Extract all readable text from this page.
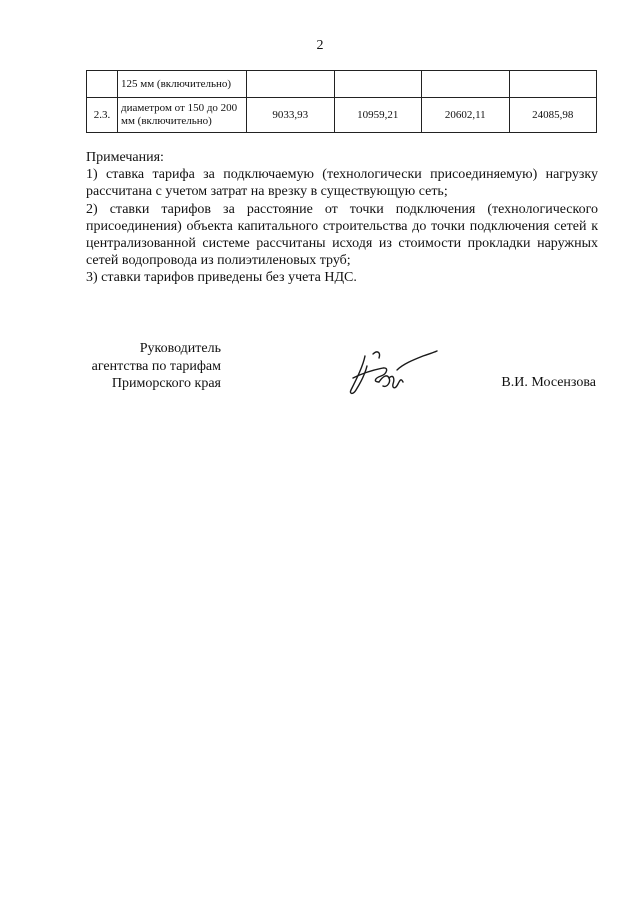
2
	125 мм (включительно)				
2.3.	диаметром от 150 до 200 мм (включительно)	9033,93	10959,21	20602,11	24085,98
Примечания:
1) ставка тарифа за подключаемую (технологически присоединяемую) нагрузку рассчитана с учетом затрат на врезку в существующую сеть;
2) ставки тарифов за расстояние от точки подключения (технологического присоединения) объекта капитального строительства до точки подключения сетей к централизованной системе рассчитаны исходя из стоимости прокладки наружных сетей водопровода из полиэтиленовых труб;
3) ставки тарифов приведены без учета НДС.
Руководитель
агентства по тарифам
Приморского края	В.И. Мосензова
